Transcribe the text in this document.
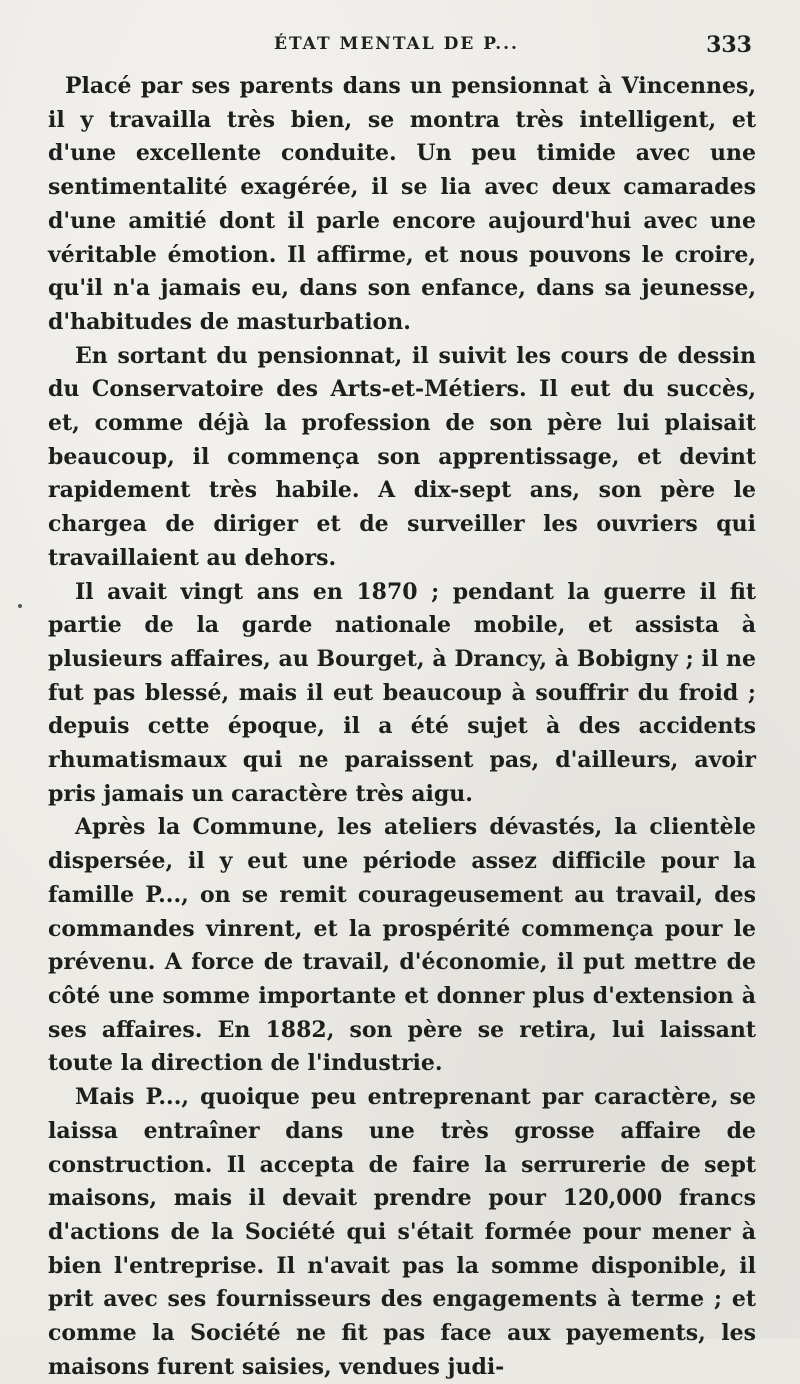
ÉTAT MENTAL DE P...	333

Placé par ses parents dans un pensionnat à Vincennes, il y travailla très bien, se montra très intelligent, et d'une excellente conduite. Un peu timide avec une sentimentalité exagérée, il se lia avec deux camarades d'une amitié dont il parle encore aujourd'hui avec une véritable émotion. Il affirme, et nous pouvons le croire, qu'il n'a jamais eu, dans son enfance, dans sa jeunesse, d'habitudes de masturbation.

En sortant du pensionnat, il suivit les cours de dessin du Conservatoire des Arts-et-Métiers. Il eut du succès, et, comme déjà la profession de son père lui plaisait beaucoup, il commença son apprentissage, et devint rapidement très habile. A dix-sept ans, son père le chargea de diriger et de surveiller les ouvriers qui travaillaient au dehors.

Il avait vingt ans en 1870 ; pendant la guerre il fit partie de la garde nationale mobile, et assista à plusieurs affaires, au Bourget, à Drancy, à Bobigny ; il ne fut pas blessé, mais il eut beaucoup à souffrir du froid ; depuis cette époque, il a été sujet à des accidents rhumatismaux qui ne paraissent pas, d'ailleurs, avoir pris jamais un caractère très aigu.

Après la Commune, les ateliers dévastés, la clientèle dispersée, il y eut une période assez difficile pour la famille P..., on se remit courageusement au travail, des commandes vinrent, et la prospérité commença pour le prévenu. A force de travail, d'économie, il put mettre de côté une somme importante et donner plus d'extension à ses affaires. En 1882, son père se retira, lui laissant toute la direction de l'industrie.

Mais P..., quoique peu entreprenant par caractère, se laissa entraîner dans une très grosse affaire de construction. Il accepta de faire la serrurerie de sept maisons, mais il devait prendre pour 120,000 francs d'actions de la Société qui s'était formée pour mener à bien l'entreprise. Il n'avait pas la somme disponible, il prit avec ses fournisseurs des engagements à terme ; et comme la Société ne fit pas face aux payements, les maisons furent saisies, vendues judi-
